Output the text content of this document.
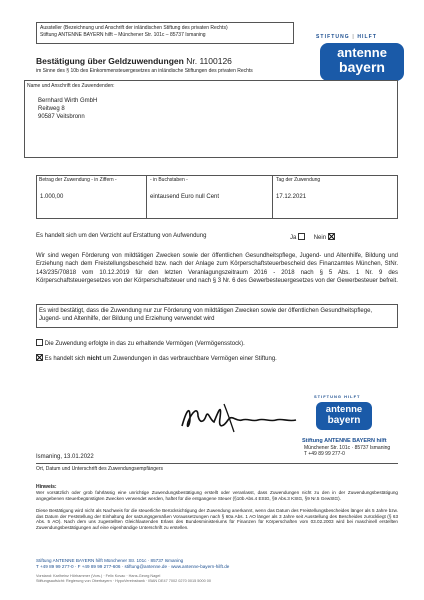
Aussteller (Bezeichnung und Anschrift der inländischen Stiftung des privaten Rechts)
Stiftung ANTENNE BAYERN hilft – Münchener Str. 101c – 85737 Ismaning	STIFTUNG | HILFT
antenne
bayern
Bestätigung über Geldzuwendungen Nr. 1100126
im Sinne des § 10b des Einkommensteuergesetzes an inländische Stiftungen des privaten Rechts
Name und Anschrift des Zuwendenden:
Bernhard Wirth GmbH
Reitweg 8
90587 Veitsbronn
Betrag der Zuwendung - in Ziffern -
1.000,00
- in Buchstaben -
eintausend Euro null Cent
Tag der Zuwendung
17.12.2021
Es handelt sich um den Verzicht auf Erstattung von Aufwendung	Ja	Nein
Wir sind wegen Förderung von mildtätigen Zwecken sowie der öffentlichen Gesundheitspflege, Jugend- und Altenhilfe, Bildung und Erziehung nach dem Freistellungsbescheid bzw. nach der Anlage zum Körperschaftsteuerbescheid des Finanzamtes München, StNr. 143/235/70818 vom 10.12.2019 für den letzten Veranlagungszeitraum 2016 - 2018 nach § 5 Abs. 1 Nr. 9 des Körperschaftsteuergesetzes von der Körperschaftsteuer und nach § 3 Nr. 6 des Gewerbesteuergesetzes von der Gewerbesteuer befreit.
Es wird bestätigt, dass die Zuwendung nur zur Förderung von mildtätigen Zwecken sowie der öffentlichen Gesundheitspflege, Jugend- und Altenhilfe, der Bildung und Erziehung verwendet wird
Die Zuwendung erfolgte in das zu erhaltende Vermögen (Vermögensstock).
Es handelt sich nicht um Zuwendungen in das verbrauchbare Vermögen einer Stiftung.
STIFTUNG HILFT
antenne
bayern
Stiftung ANTENNE BAYERN hilft
Münchener Str. 101c · 85737 Ismaning
T +49 89 99 277-0
Ismaning, 13.01.2022
Ort, Datum und Unterschrift des Zuwendungsempfängers
Hinweis:
Wer vorsätzlich oder grob fahrlässig eine unrichtige Zuwendungsbestätigung erstellt oder veranlasst, dass Zuwendungen nicht zu den in der Zuwendungsbestätigung angegebenen steuerbegünstigten Zwecken verwendet werden, haftet für die entgangene Steuer (§10b Abs.4 EStG, §9 Abs.3 KStG, §9 Nr.5 GewStG).
Diese Bestätigung wird nicht als Nachweis für die steuerliche Berücksichtigung der Zuwendung anerkannt, wenn das Datum des Freistellungsbescheides länger als 5 Jahre bzw. das Datum der Feststellung der Einhaltung der satzungsgemäßen Voraussetzungen nach § 60a Abs. 1 AO länger als 3 Jahre seit Ausstellung des Bescheides zurückliegt (§ 63 Abs. 5 AO). Nach dem uns zugestellten Gleichlautenden Erlass des Bundesministeriums für Finanzen für Körperschaften vom 03.02.2003 wird bei maschinell erstellten Zuwendungsbestätigungen auf eine eigenhändige Unterschrift zu erstellen.
Stiftung ANTENNE BAYERN hilft Münchener Str. 101c · 85737 Ismaning
T +49 89 99 277-0 · F +49 89 99 277-606 · stiftung@antenne.de · www.antenne-bayern-hilft.de
Vorstand: Karlheinz Hörhammer (Vors.) · Felix Kovac · Hans-Georg Nagel
Stiftungsaufsicht: Regierung von Oberbayern · HypoVereinsbank · IBAN DE47 7002 0270 0015 5000 00
